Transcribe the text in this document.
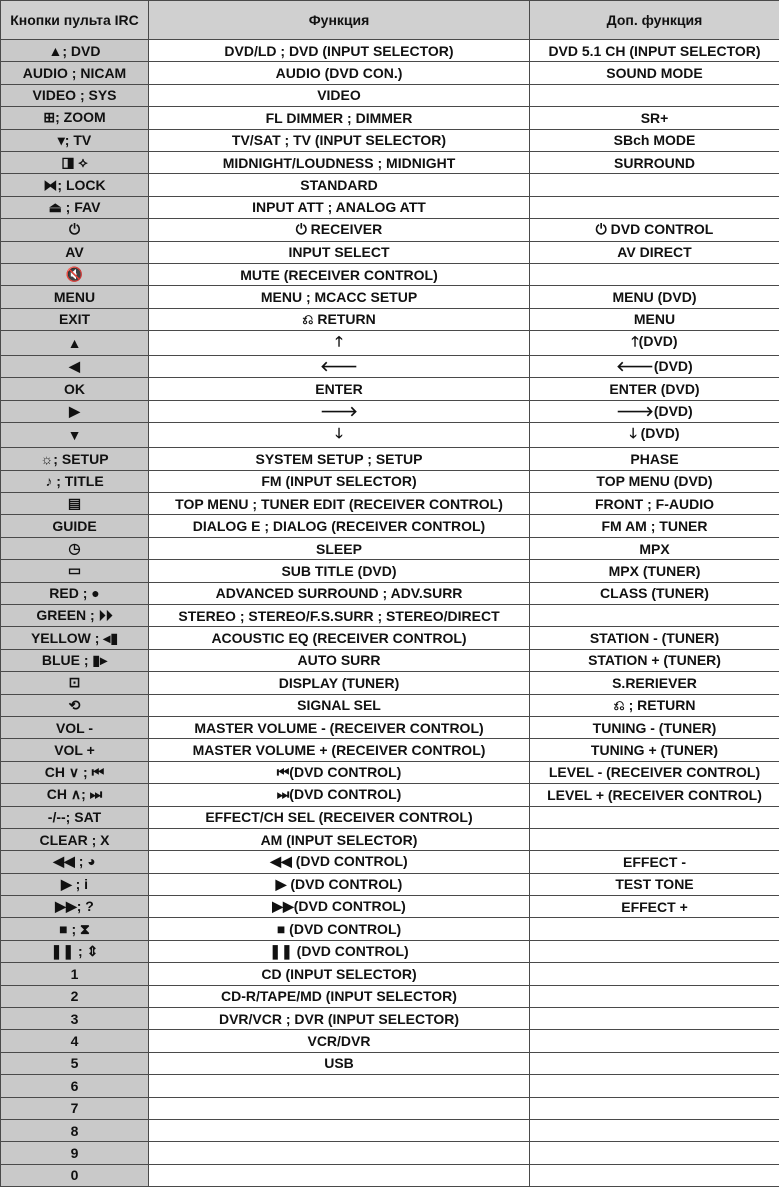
Кнопки пульта IRC	Функция	Доп. функция
▲; DVD	DVD/LD ; DVD (INPUT SELECTOR)	DVD 5.1 CH (INPUT SELECTOR)
AUDIO ; NICAM	AUDIO (DVD CON.)	SOUND MODE
VIDEO ; SYS	VIDEO	
⊞; ZOOM	FL DIMMER ; DIMMER	SR+
▾; TV	TV/SAT ; TV (INPUT SELECTOR)	SBch MODE
◨ ⟡	MIDNIGHT/LOUDNESS ; MIDNIGHT	SURROUND
⧓; LOCK	STANDARD	
⏏ ; FAV	INPUT ATT ; ANALOG ATT	
⏻	⏻ RECEIVER	⏻ DVD CONTROL
AV	INPUT SELECT	AV DIRECT
🔇	MUTE (RECEIVER CONTROL)	
MENU	MENU ; MCACC SETUP	MENU (DVD)
EXIT	⎌ RETURN	MENU
▲	🡑	🡑(DVD)
◀	🡐	🡐(DVD)
OK	ENTER	ENTER (DVD)
▶	🡒	🡒(DVD)
▼	🡓	🡓 (DVD)
☼; SETUP	SYSTEM SETUP ; SETUP	PHASE
♪ ; TITLE	FM (INPUT SELECTOR)	TOP MENU (DVD)
▤	TOP MENU ; TUNER EDIT (RECEIVER CONTROL)	FRONT ; F-AUDIO
GUIDE	DIALOG E ; DIALOG (RECEIVER CONTROL)	FM AM ; TUNER
◷	SLEEP	MPX
▭	SUB TITLE (DVD)	MPX (TUNER)
RED ; ●	ADVANCED SURROUND ; ADV.SURR	CLASS (TUNER)
GREEN ; ⏵⏵	STEREO ; STEREO/F.S.SURR ; STEREO/DIRECT	
YELLOW ; ◂▮	ACOUSTIC EQ (RECEIVER CONTROL)	STATION - (TUNER)
BLUE ; ▮▸	AUTO SURR	STATION + (TUNER)
⊡	DISPLAY (TUNER)	S.RERIEVER
⟲	SIGNAL SEL	⎌ ; RETURN
VOL -	MASTER VOLUME - (RECEIVER CONTROL)	TUNING - (TUNER)
VOL +	MASTER VOLUME + (RECEIVER CONTROL)	TUNING + (TUNER)
CH ∨ ; ⏮	⏮(DVD CONTROL)	LEVEL - (RECEIVER CONTROL)
CH ∧; ⏭	⏭(DVD CONTROL)	LEVEL + (RECEIVER CONTROL)
-/--; SAT	EFFECT/CH SEL (RECEIVER CONTROL)	
CLEAR ; X	AM (INPUT SELECTOR)	
◀◀ ; ◕	◀◀ (DVD CONTROL)	EFFECT -
▶ ; i	▶ (DVD CONTROL)	TEST TONE
▶▶; ?	▶▶(DVD CONTROL)	EFFECT +
■ ; ⧗	■ (DVD CONTROL)	
❚❚ ; ⇕	❚❚ (DVD CONTROL)	
1	CD (INPUT SELECTOR)	
2	CD-R/TAPE/MD (INPUT SELECTOR)	
3	DVR/VCR ; DVR (INPUT SELECTOR)	
4	VCR/DVR	
5	USB	
6		
7		
8		
9		
0		
